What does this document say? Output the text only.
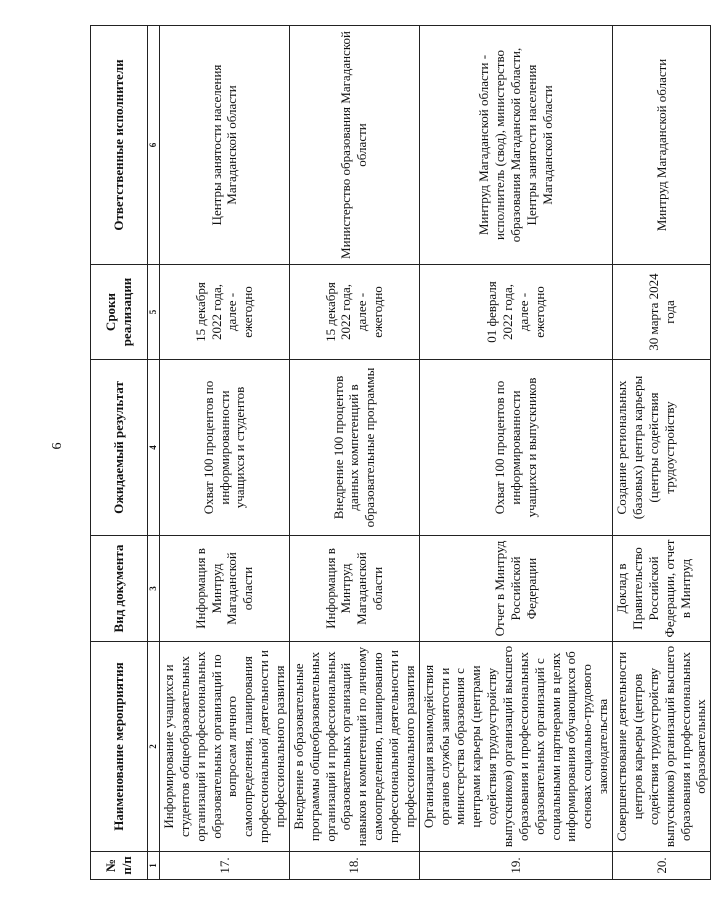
6
№ п/п	Наименование мероприятия	Вид документа	Ожидаемый результат	Сроки реализации	Ответственные исполнители
1	2	3	4	5	6
17.	Информирование учащихся и студентов общеобразовательных организаций и профессиональных образовательных организаций по вопросам личного самоопределения, планирования профессиональной деятельности и профессионального развития	Информация в Минтруд Магаданской области	Охват 100 процентов по информированности учащихся и студентов	15 декабря 2022 года, далее - ежегодно	Центры занятости населения Магаданской области
18.	Внедрение в образовательные программы общеобразовательных организаций и профессиональных образовательных организаций навыков и компетенций по личному самоопределению, планированию профессиональной деятельности и профессионального развития	Информация в Минтруд Магаданской области	Внедрение 100 процентов данных компетенций в образовательные программы	15 декабря 2022 года, далее - ежегодно	Министерство образования Магаданской области
19.	Организация взаимодействия органов службы занятости и министерства образования с центрами карьеры (центрами содействия трудоустройству выпускников) организаций высшего образования и профессиональных образовательных организаций с социальными партнерами в целях информирования обучающихся об основах социально-трудового законодательства	Отчет в Минтруд Российской Федерации	Охват 100 процентов по информированности учащихся и выпускников	01 февраля 2022 года, далее - ежегодно	Минтруд Магаданской области - исполнитель (свод), министерство образования Магаданской области, Центры занятости населения Магаданской области
20.	Совершенствование деятельности центров карьеры (центров содействия трудоустройству выпускников) организаций высшего образования и профессиональных образовательных	Доклад в Правительство Российской Федерации, отчет в Минтруд	Создание региональных (базовых) центра карьеры (центры содействия трудоустройству	30 марта 2024 года	Минтруд Магаданской области
